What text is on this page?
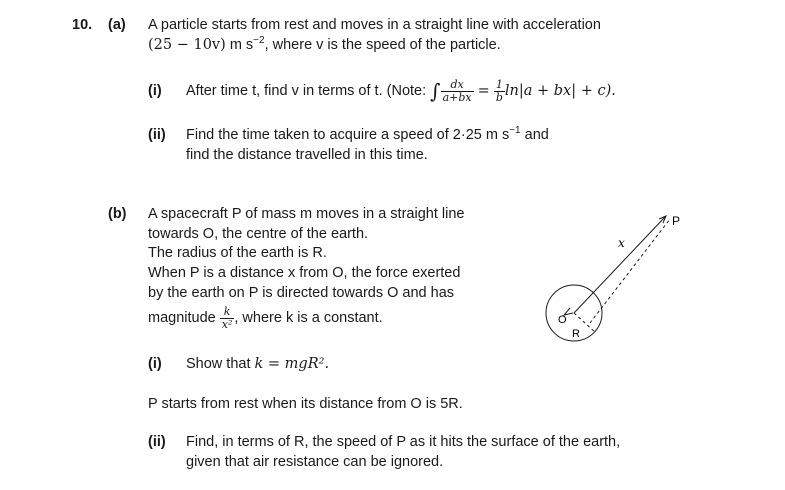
10. (a) A particle starts from rest and moves in a straight line with acceleration
(25 − 10v) m $s^{-2}$, where v is the speed of the particle.
(i) After time t, find v in terms of t. (Note: ∫ $\frac{dx}{a+bx} = \frac{1}{b} \ln|a + bx| + c$).
(ii) Find the time taken to acquire a speed of 2·25 m $s^{-1}$ and
find the distance travelled in this time.
(b) A spacecraft P of mass m moves in a straight line
towards O, the centre of the earth.
The radius of the earth is R.
When P is a distance x from O, the force exerted
by the earth on P is directed towards O and has
magnitude $\frac{k}{\text{x²}}$ , where k is a constant.
(i) Show that k = mgR².
P starts from rest when its distance from O is 5R.
(ii) Find, in terms of R, the speed of P as it hits the surface of the earth,
given that air resistance can be ignored.
P
x
O
R
